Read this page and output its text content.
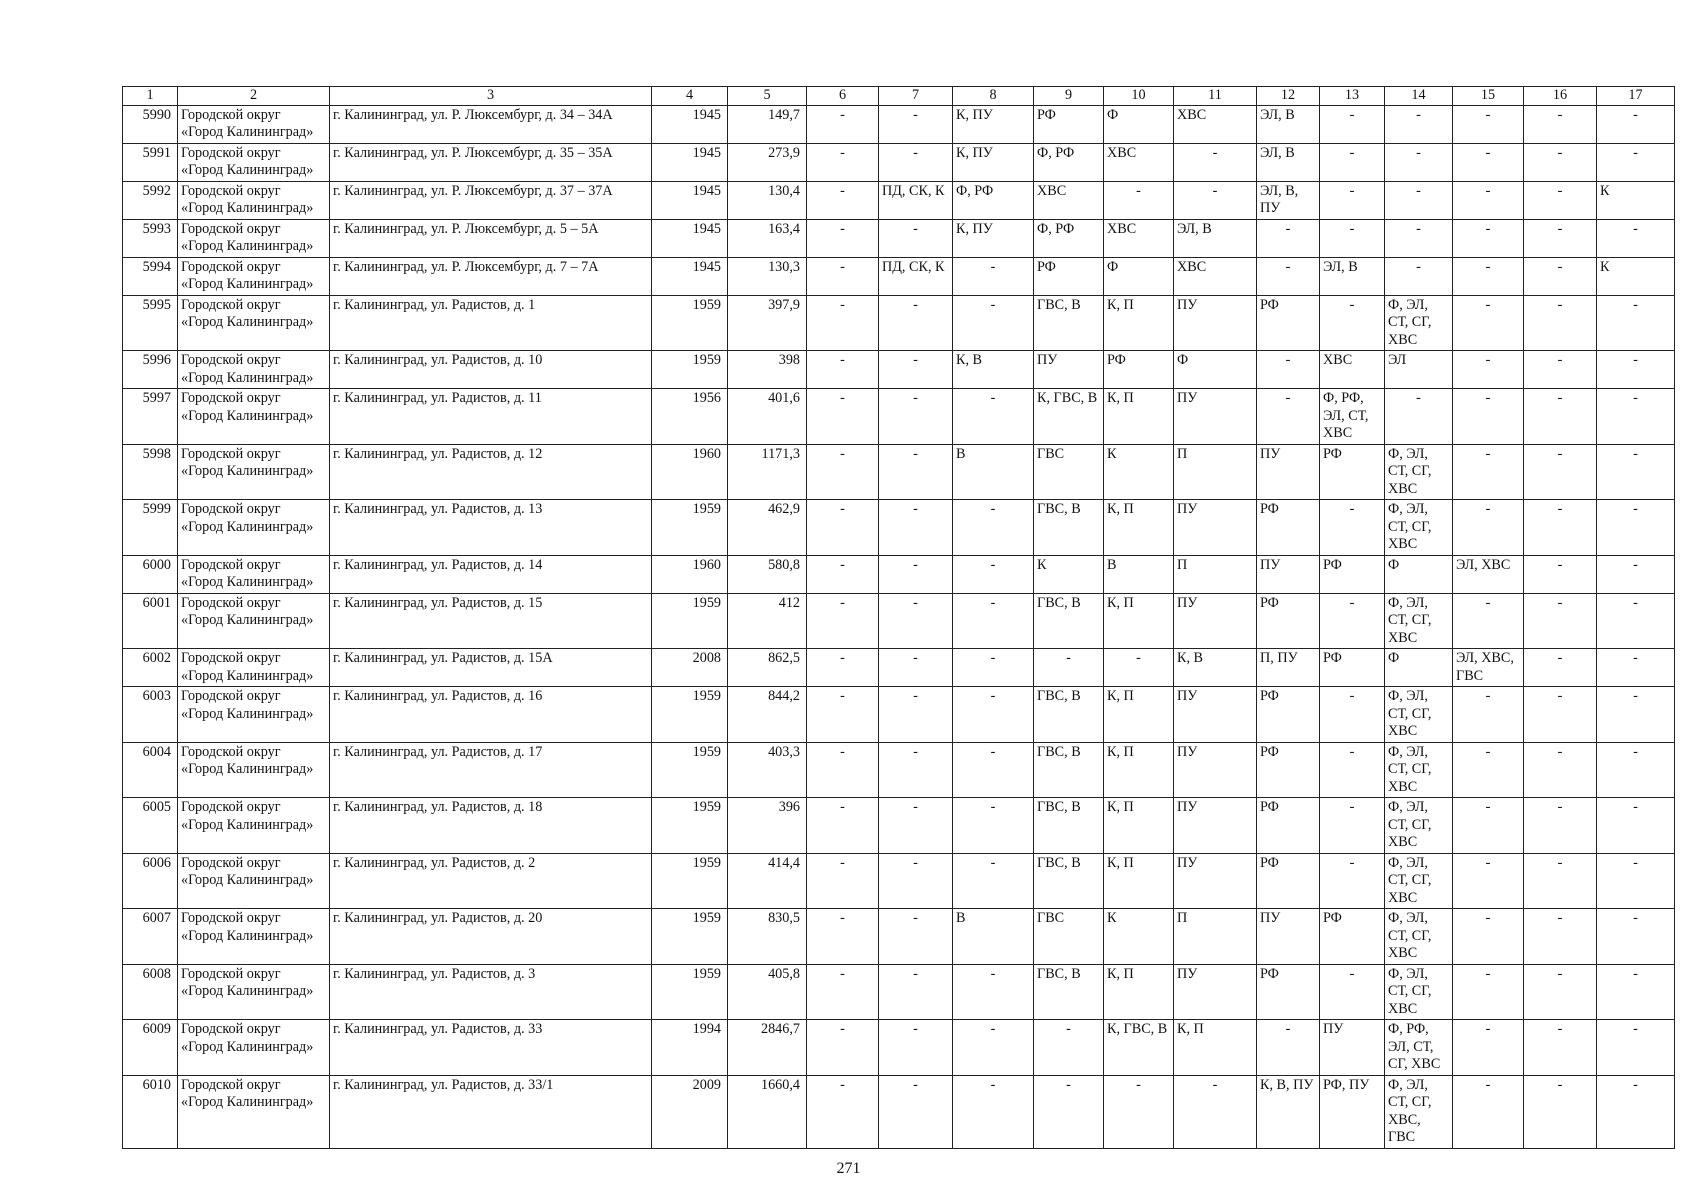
1	2	3	4	5	6	7	8	9	10	11	12	13	14	15	16	17
5990	Городской округ «Город Калининград»	г. Калининград, ул. Р. Люксембург, д. 34 – 34А	1945	149,7	-	-	К, ПУ	РФ	Ф	ХВС	ЭЛ, В	-	-	-	-	-
5991	Городской округ «Город Калининград»	г. Калининград, ул. Р. Люксембург, д. 35 – 35А	1945	273,9	-	-	К, ПУ	Ф, РФ	ХВС	-	ЭЛ, В	-	-	-	-	-
5992	Городской округ «Город Калининград»	г. Калининград, ул. Р. Люксембург, д. 37 – 37А	1945	130,4	-	ПД, СК, К	Ф, РФ	ХВС	-	-	ЭЛ, В, ПУ	-	-	-	-	К
5993	Городской округ «Город Калининград»	г. Калининград, ул. Р. Люксембург, д. 5 – 5А	1945	163,4	-	-	К, ПУ	Ф, РФ	ХВС	ЭЛ, В	-	-	-	-	-	-
5994	Городской округ «Город Калининград»	г. Калининград, ул. Р. Люксембург, д. 7 – 7А	1945	130,3	-	ПД, СК, К	-	РФ	Ф	ХВС	-	ЭЛ, В	-	-	-	К
5995	Городской округ «Город Калининград»	г. Калининград, ул. Радистов, д. 1	1959	397,9	-	-	-	ГВС, В	К, П	ПУ	РФ	-	Ф, ЭЛ, СТ, СГ, ХВС	-	-	-
5996	Городской округ «Город Калининград»	г. Калининград, ул. Радистов, д. 10	1959	398	-	-	К, В	ПУ	РФ	Ф	-	ХВС	ЭЛ	-	-	-
5997	Городской округ «Город Калининград»	г. Калининград, ул. Радистов, д. 11	1956	401,6	-	-	-	К, ГВС, В	К, П	ПУ	-	Ф, РФ, ЭЛ, СТ, ХВС	-	-	-	-
5998	Городской округ «Город Калининград»	г. Калининград, ул. Радистов, д. 12	1960	1171,3	-	-	В	ГВС	К	П	ПУ	РФ	Ф, ЭЛ, СТ, СГ, ХВС	-	-	-
5999	Городской округ «Город Калининград»	г. Калининград, ул. Радистов, д. 13	1959	462,9	-	-	-	ГВС, В	К, П	ПУ	РФ	-	Ф, ЭЛ, СТ, СГ, ХВС	-	-	-
6000	Городской округ «Город Калининград»	г. Калининград, ул. Радистов, д. 14	1960	580,8	-	-	-	К	В	П	ПУ	РФ	Ф	ЭЛ, ХВС	-	-
6001	Городской округ «Город Калининград»	г. Калининград, ул. Радистов, д. 15	1959	412	-	-	-	ГВС, В	К, П	ПУ	РФ	-	Ф, ЭЛ, СТ, СГ, ХВС	-	-	-
6002	Городской округ «Город Калининград»	г. Калининград, ул. Радистов, д. 15А	2008	862,5	-	-	-	-	-	К, В	П, ПУ	РФ	Ф	ЭЛ, ХВС, ГВС	-	-
6003	Городской округ «Город Калининград»	г. Калининград, ул. Радистов, д. 16	1959	844,2	-	-	-	ГВС, В	К, П	ПУ	РФ	-	Ф, ЭЛ, СТ, СГ, ХВС	-	-	-
6004	Городской округ «Город Калининград»	г. Калининград, ул. Радистов, д. 17	1959	403,3	-	-	-	ГВС, В	К, П	ПУ	РФ	-	Ф, ЭЛ, СТ, СГ, ХВС	-	-	-
6005	Городской округ «Город Калининград»	г. Калининград, ул. Радистов, д. 18	1959	396	-	-	-	ГВС, В	К, П	ПУ	РФ	-	Ф, ЭЛ, СТ, СГ, ХВС	-	-	-
6006	Городской округ «Город Калининград»	г. Калининград, ул. Радистов, д. 2	1959	414,4	-	-	-	ГВС, В	К, П	ПУ	РФ	-	Ф, ЭЛ, СТ, СГ, ХВС	-	-	-
6007	Городской округ «Город Калининград»	г. Калининград, ул. Радистов, д. 20	1959	830,5	-	-	В	ГВС	К	П	ПУ	РФ	Ф, ЭЛ, СТ, СГ, ХВС	-	-	-
6008	Городской округ «Город Калининград»	г. Калининград, ул. Радистов, д. 3	1959	405,8	-	-	-	ГВС, В	К, П	ПУ	РФ	-	Ф, ЭЛ, СТ, СГ, ХВС	-	-	-
6009	Городской округ «Город Калининград»	г. Калининград, ул. Радистов, д. 33	1994	2846,7	-	-	-	-	К, ГВС, В	К, П	-	ПУ	Ф, РФ, ЭЛ, СТ, СГ, ХВС	-	-	-
6010	Городской округ «Город Калининград»	г. Калининград, ул. Радистов, д. 33/1	2009	1660,4	-	-	-	-	-	-	К, В, ПУ	РФ, ПУ	Ф, ЭЛ, СТ, СГ, ХВС, ГВС	-	-	-
271
